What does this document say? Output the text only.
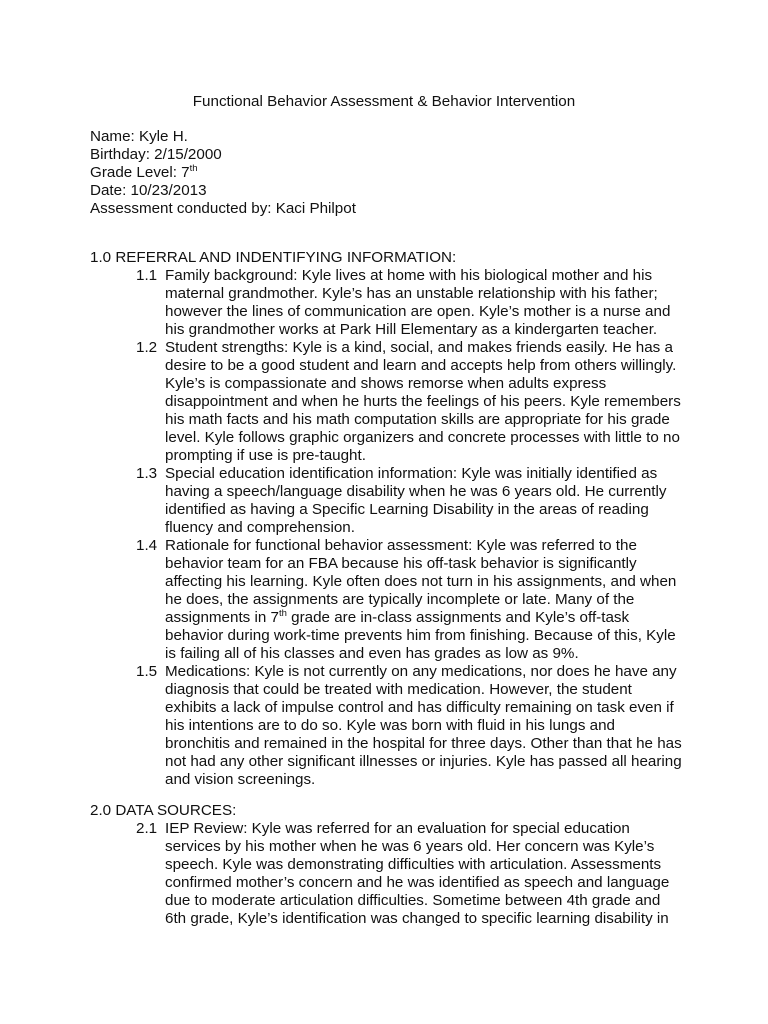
Functional Behavior Assessment & Behavior Intervention
Name: Kyle H.
Birthday: 2/15/2000
Grade Level: 7th
Date: 10/23/2013
Assessment conducted by: Kaci Philpot
1.0 REFERRAL AND INDENTIFYING INFORMATION:
1.1 Family background: Kyle lives at home with his biological mother and his
maternal grandmother. Kyle’s has an unstable relationship with his father;
however the lines of communication are open. Kyle’s mother is a nurse and
his grandmother works at Park Hill Elementary as a kindergarten teacher.
1.2 Student strengths: Kyle is a kind, social, and makes friends easily. He has a
desire to be a good student and learn and accepts help from others willingly.
Kyle’s is compassionate and shows remorse when adults express
disappointment and when he hurts the feelings of his peers. Kyle remembers
his math facts and his math computation skills are appropriate for his grade
level. Kyle follows graphic organizers and concrete processes with little to no
prompting if use is pre-taught.
1.3 Special education identification information: Kyle was initially identified as
having a speech/language disability when he was 6 years old. He currently
identified as having a Specific Learning Disability in the areas of reading
fluency and comprehension.
1.4 Rationale for functional behavior assessment: Kyle was referred to the
behavior team for an FBA because his off-task behavior is significantly
affecting his learning. Kyle often does not turn in his assignments, and when
he does, the assignments are typically incomplete or late. Many of the
assignments in 7th grade are in-class assignments and Kyle’s off-task
behavior during work-time prevents him from finishing. Because of this, Kyle
is failing all of his classes and even has grades as low as 9%.
1.5 Medications: Kyle is not currently on any medications, nor does he have any
diagnosis that could be treated with medication. However, the student
exhibits a lack of impulse control and has difficulty remaining on task even if
his intentions are to do so. Kyle was born with fluid in his lungs and
bronchitis and remained in the hospital for three days. Other than that he has
not had any other significant illnesses or injuries. Kyle has passed all hearing
and vision screenings.
2.0 DATA SOURCES:
2.1 IEP Review: Kyle was referred for an evaluation for special education
services by his mother when he was 6 years old. Her concern was Kyle’s
speech. Kyle was demonstrating difficulties with articulation. Assessments
confirmed mother’s concern and he was identified as speech and language
due to moderate articulation difficulties. Sometime between 4th grade and
6th grade, Kyle’s identification was changed to specific learning disability in
